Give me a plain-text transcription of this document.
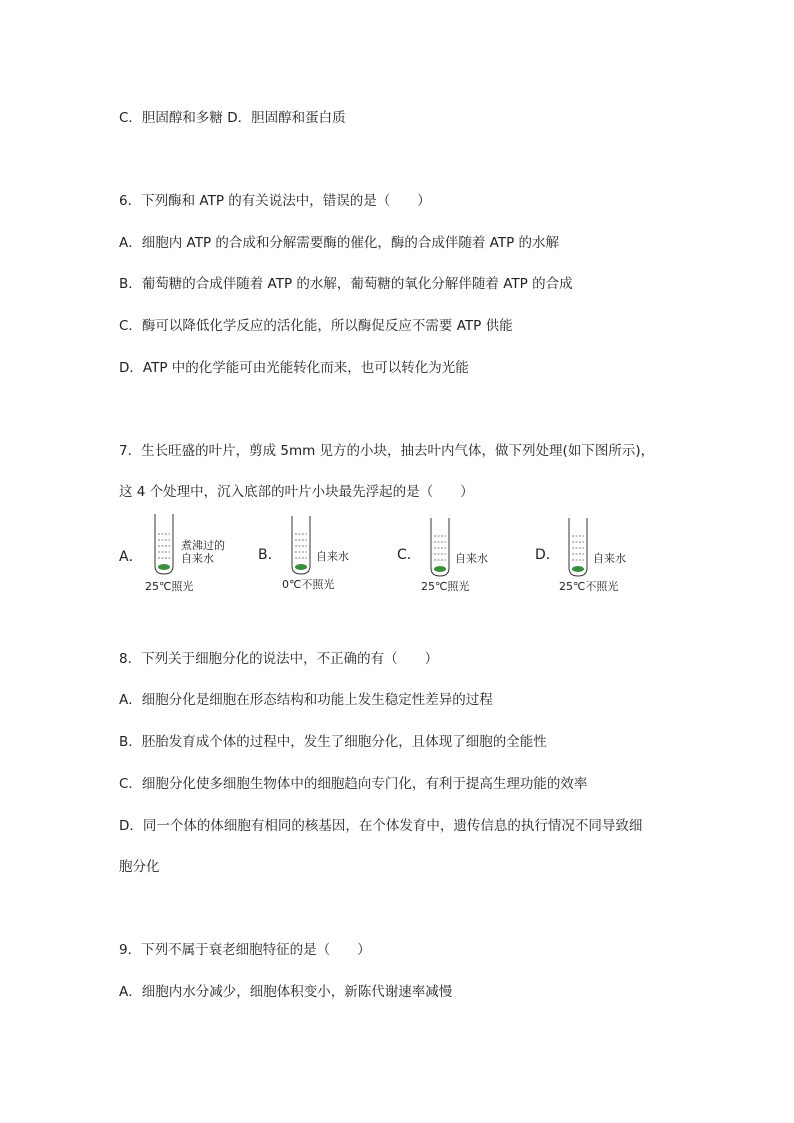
C．胆固醇和多糖 D．胆固醇和蛋白质
6．下列酶和 ATP 的有关说法中，错误的是（　　）
A．细胞内 ATP 的合成和分解需要酶的催化，酶的合成伴随着 ATP 的水解
B．葡萄糖的合成伴随着 ATP 的水解，葡萄糖的氧化分解伴随着 ATP 的合成
C．酶可以降低化学反应的活化能，所以酶促反应不需要 ATP 供能
D．ATP 中的化学能可由光能转化而来，也可以转化为光能
7．生长旺盛的叶片，剪成 5mm 见方的小块，抽去叶内气体，做下列处理(如下图所示)，
这 4 个处理中，沉入底部的叶片小块最先浮起的是（　　）
A．
煮沸过的
自来水
25℃照光
B．	自来水
0℃不照光
C．	自来水
25℃照光
D．	自来水
25℃不照光
8．下列关于细胞分化的说法中，不正确的有（　　）
A．细胞分化是细胞在形态结构和功能上发生稳定性差异的过程
B．胚胎发育成个体的过程中，发生了细胞分化，且体现了细胞的全能性
C．细胞分化使多细胞生物体中的细胞趋向专门化，有利于提高生理功能的效率
D．同一个体的体细胞有相同的核基因，在个体发育中，遗传信息的执行情况不同导致细
胞分化
9．下列不属于衰老细胞特征的是（　　）
A．细胞内水分减少，细胞体积变小，新陈代谢速率减慢
